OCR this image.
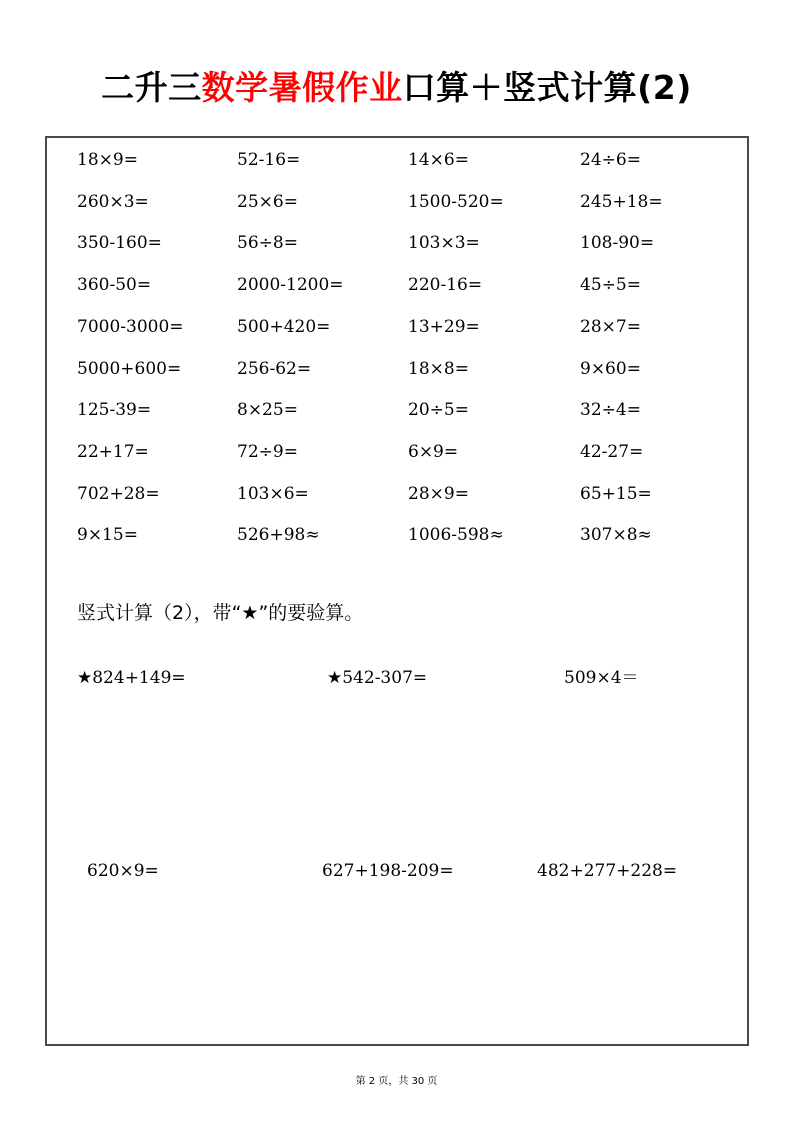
二升三数学暑假作业口算＋竖式计算(2)
18×9=	52-16=	14×6=	24÷6=
260×3=	25×6=	1500-520=	245+18=
350-160=	56÷8=	103×3=	108-90=
360-50=	2000-1200=	220-16=	45÷5=
7000-3000=	500+420=	13+29=	28×7=
5000+600=	256-62=	18×8=	9×60=
125-39=	8×25=	20÷5=	32÷4=
22+17=	72÷9=	6×9=	42-27=
702+28=	103×6=	28×9=	65+15=
9×15=	526+98≈	1006-598≈	307×8≈
竖式计算（2），带“★”的要验算。
★824+149=	★542-307=	509×4＝
620×9=	627+198-209=	482+277+228=
第 2 页，共 30 页
